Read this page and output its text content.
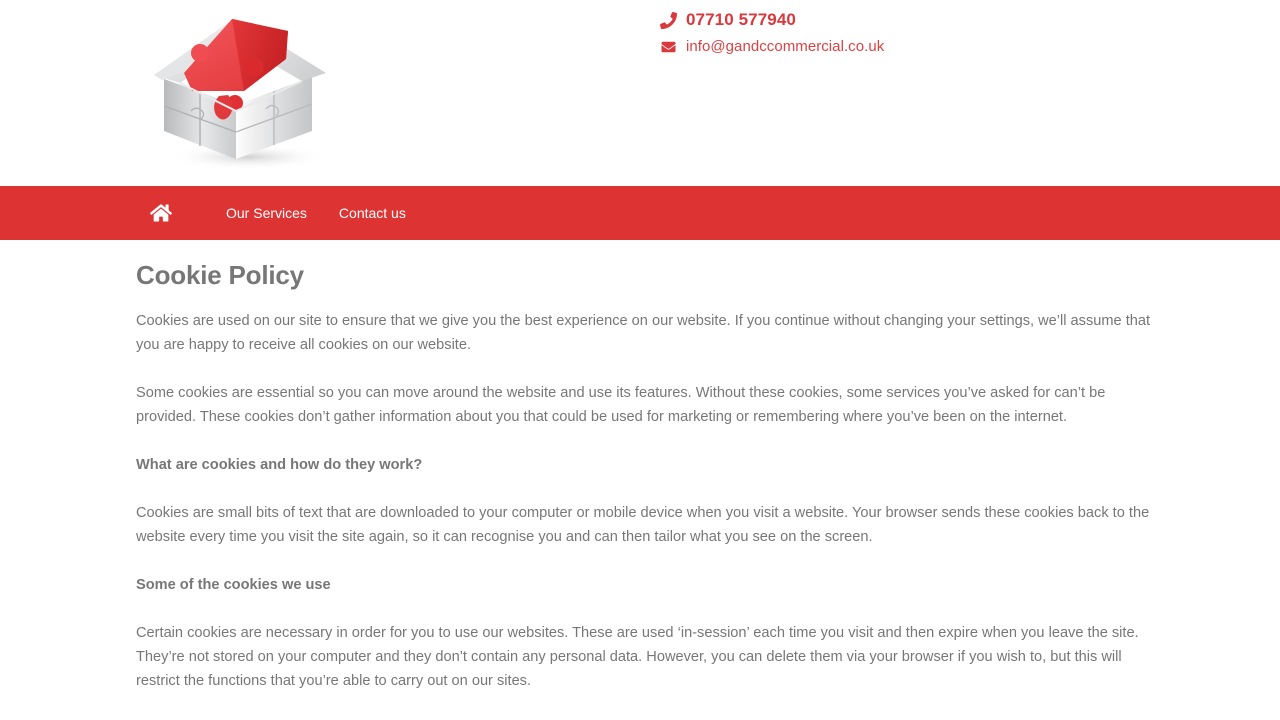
07710 577940
info@gandccommercial.co.uk
Our Services	Contact us
Cookie Policy

Cookies are used on our site to ensure that we give you the best experience on our website. If you continue without changing your settings, we’ll assume that you are happy to receive all cookies on our website.

Some cookies are essential so you can move around the website and use its features. Without these cookies, some services you’ve asked for can’t be provided. These cookies don’t gather information about you that could be used for marketing or remembering where you’ve been on the internet.

What are cookies and how do they work?

Cookies are small bits of text that are downloaded to your computer or mobile device when you visit a website. Your browser sends these cookies back to the website every time you visit the site again, so it can recognise you and can then tailor what you see on the screen.

Some of the cookies we use

Certain cookies are necessary in order for you to use our websites. These are used ‘in-session’ each time you visit and then expire when you leave the site. They’re not stored on your computer and they don’t contain any personal data. However, you can delete them via your browser if you wish to, but this will restrict the functions that you’re able to carry out on our sites.
